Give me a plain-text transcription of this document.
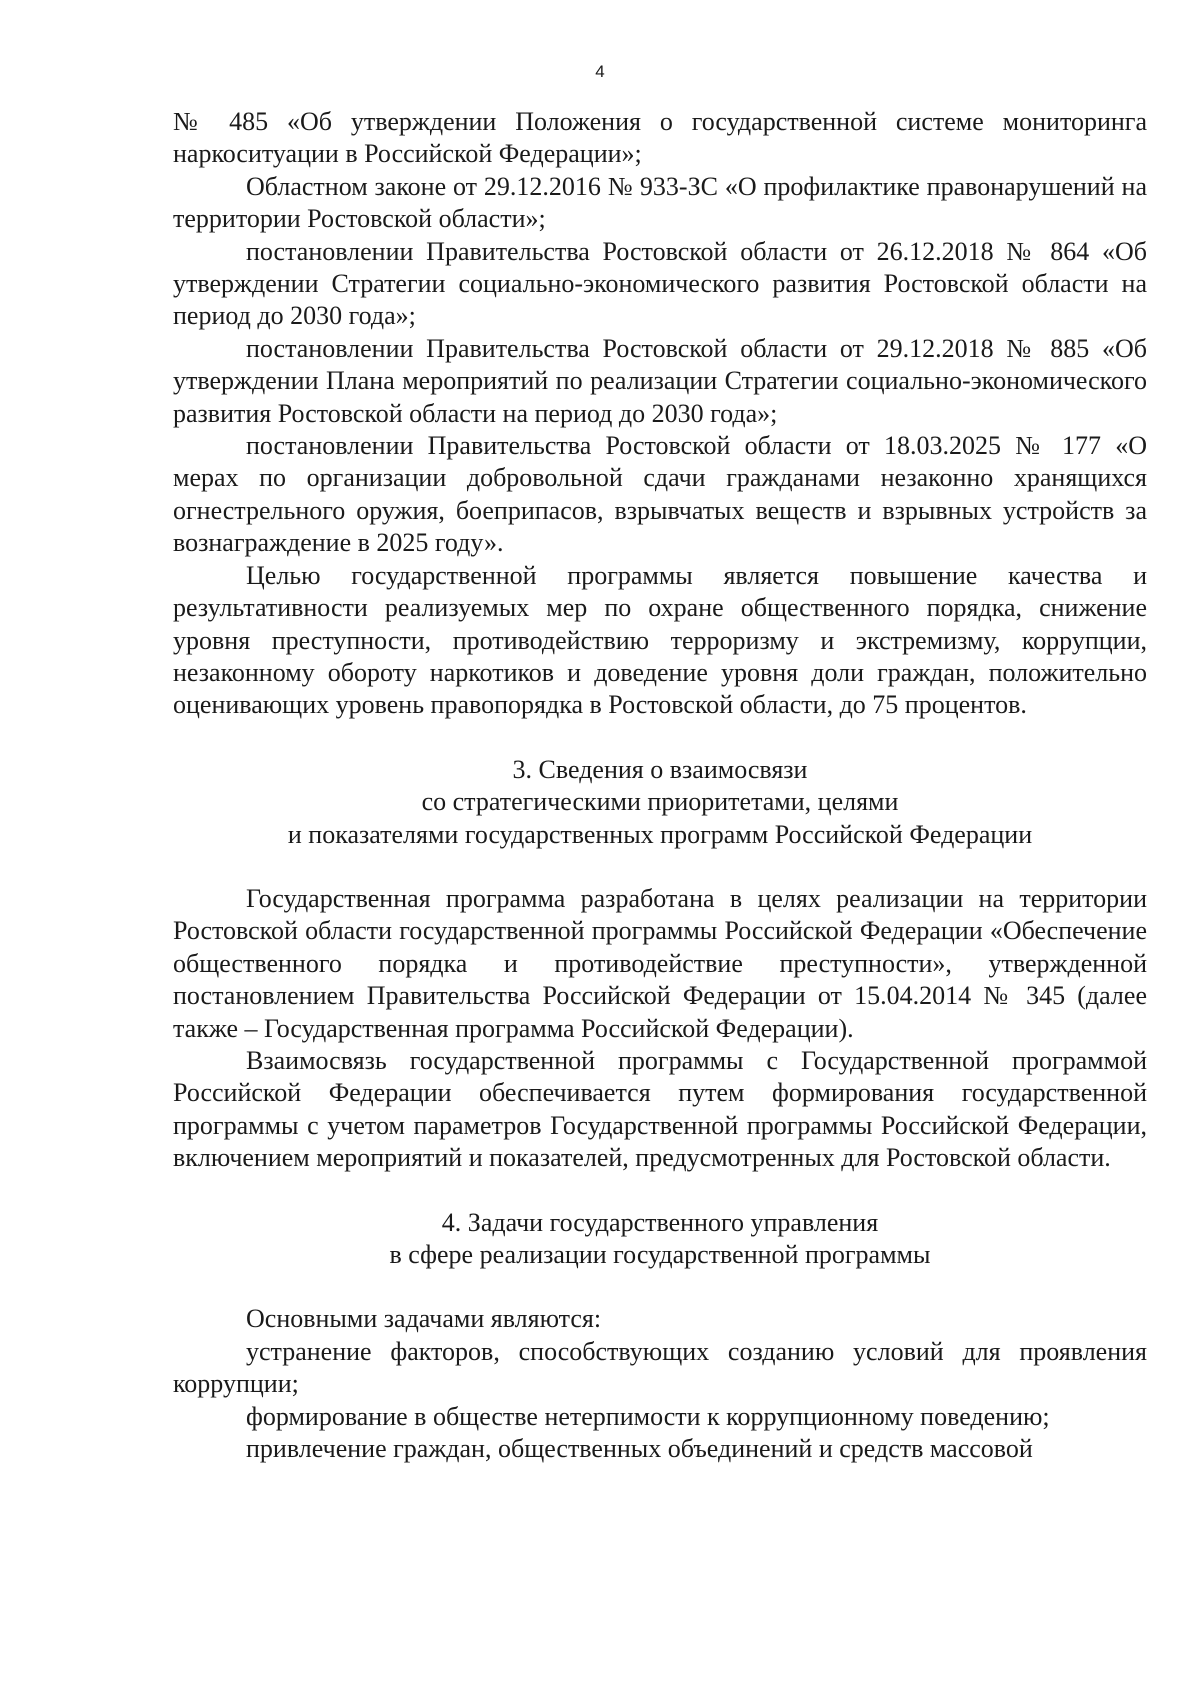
4

№ 485 «Об утверждении Положения о государственной системе мониторинга наркоситуации в Российской Федерации»;

Областном законе от 29.12.2016 № 933-ЗС «О профилактике правонарушений на территории Ростовской области»;

постановлении Правительства Ростовской области от 26.12.2018 № 864 «Об утверждении Стратегии социально-экономического развития Ростовской области на период до 2030 года»;

постановлении Правительства Ростовской области от 29.12.2018 № 885 «Об утверждении Плана мероприятий по реализации Стратегии социально-экономического развития Ростовской области на период до 2030 года»;

постановлении Правительства Ростовской области от 18.03.2025 № 177 «О мерах по организации добровольной сдачи гражданами незаконно хранящихся огнестрельного оружия, боеприпасов, взрывчатых веществ и взрывных устройств за вознаграждение в 2025 году».

Целью государственной программы является повышение качества и результативности реализуемых мер по охране общественного порядка, снижение уровня преступности, противодействию терроризму и экстремизму, коррупции, незаконному обороту наркотиков и доведение уровня доли граждан, положительно оценивающих уровень правопорядка в Ростовской области, до 75 процентов.

3. Сведения о взаимосвязи
со стратегическими приоритетами, целями
и показателями государственных программ Российской Федерации

Государственная программа разработана в целях реализации на территории Ростовской области государственной программы Российской Федерации «Обеспечение общественного порядка и противодействие преступности», утвержденной постановлением Правительства Российской Федерации от 15.04.2014 № 345 (далее также – Государственная программа Российской Федерации).

Взаимосвязь государственной программы с Государственной программой Российской Федерации обеспечивается путем формирования государственной программы с учетом параметров Государственной программы Российской Федерации, включением мероприятий и показателей, предусмотренных для Ростовской области.

4. Задачи государственного управления
в сфере реализации государственной программы

Основными задачами являются:

устранение факторов, способствующих созданию условий для проявления коррупции;

формирование в обществе нетерпимости к коррупционному поведению;

привлечение граждан, общественных объединений и средств массовой
